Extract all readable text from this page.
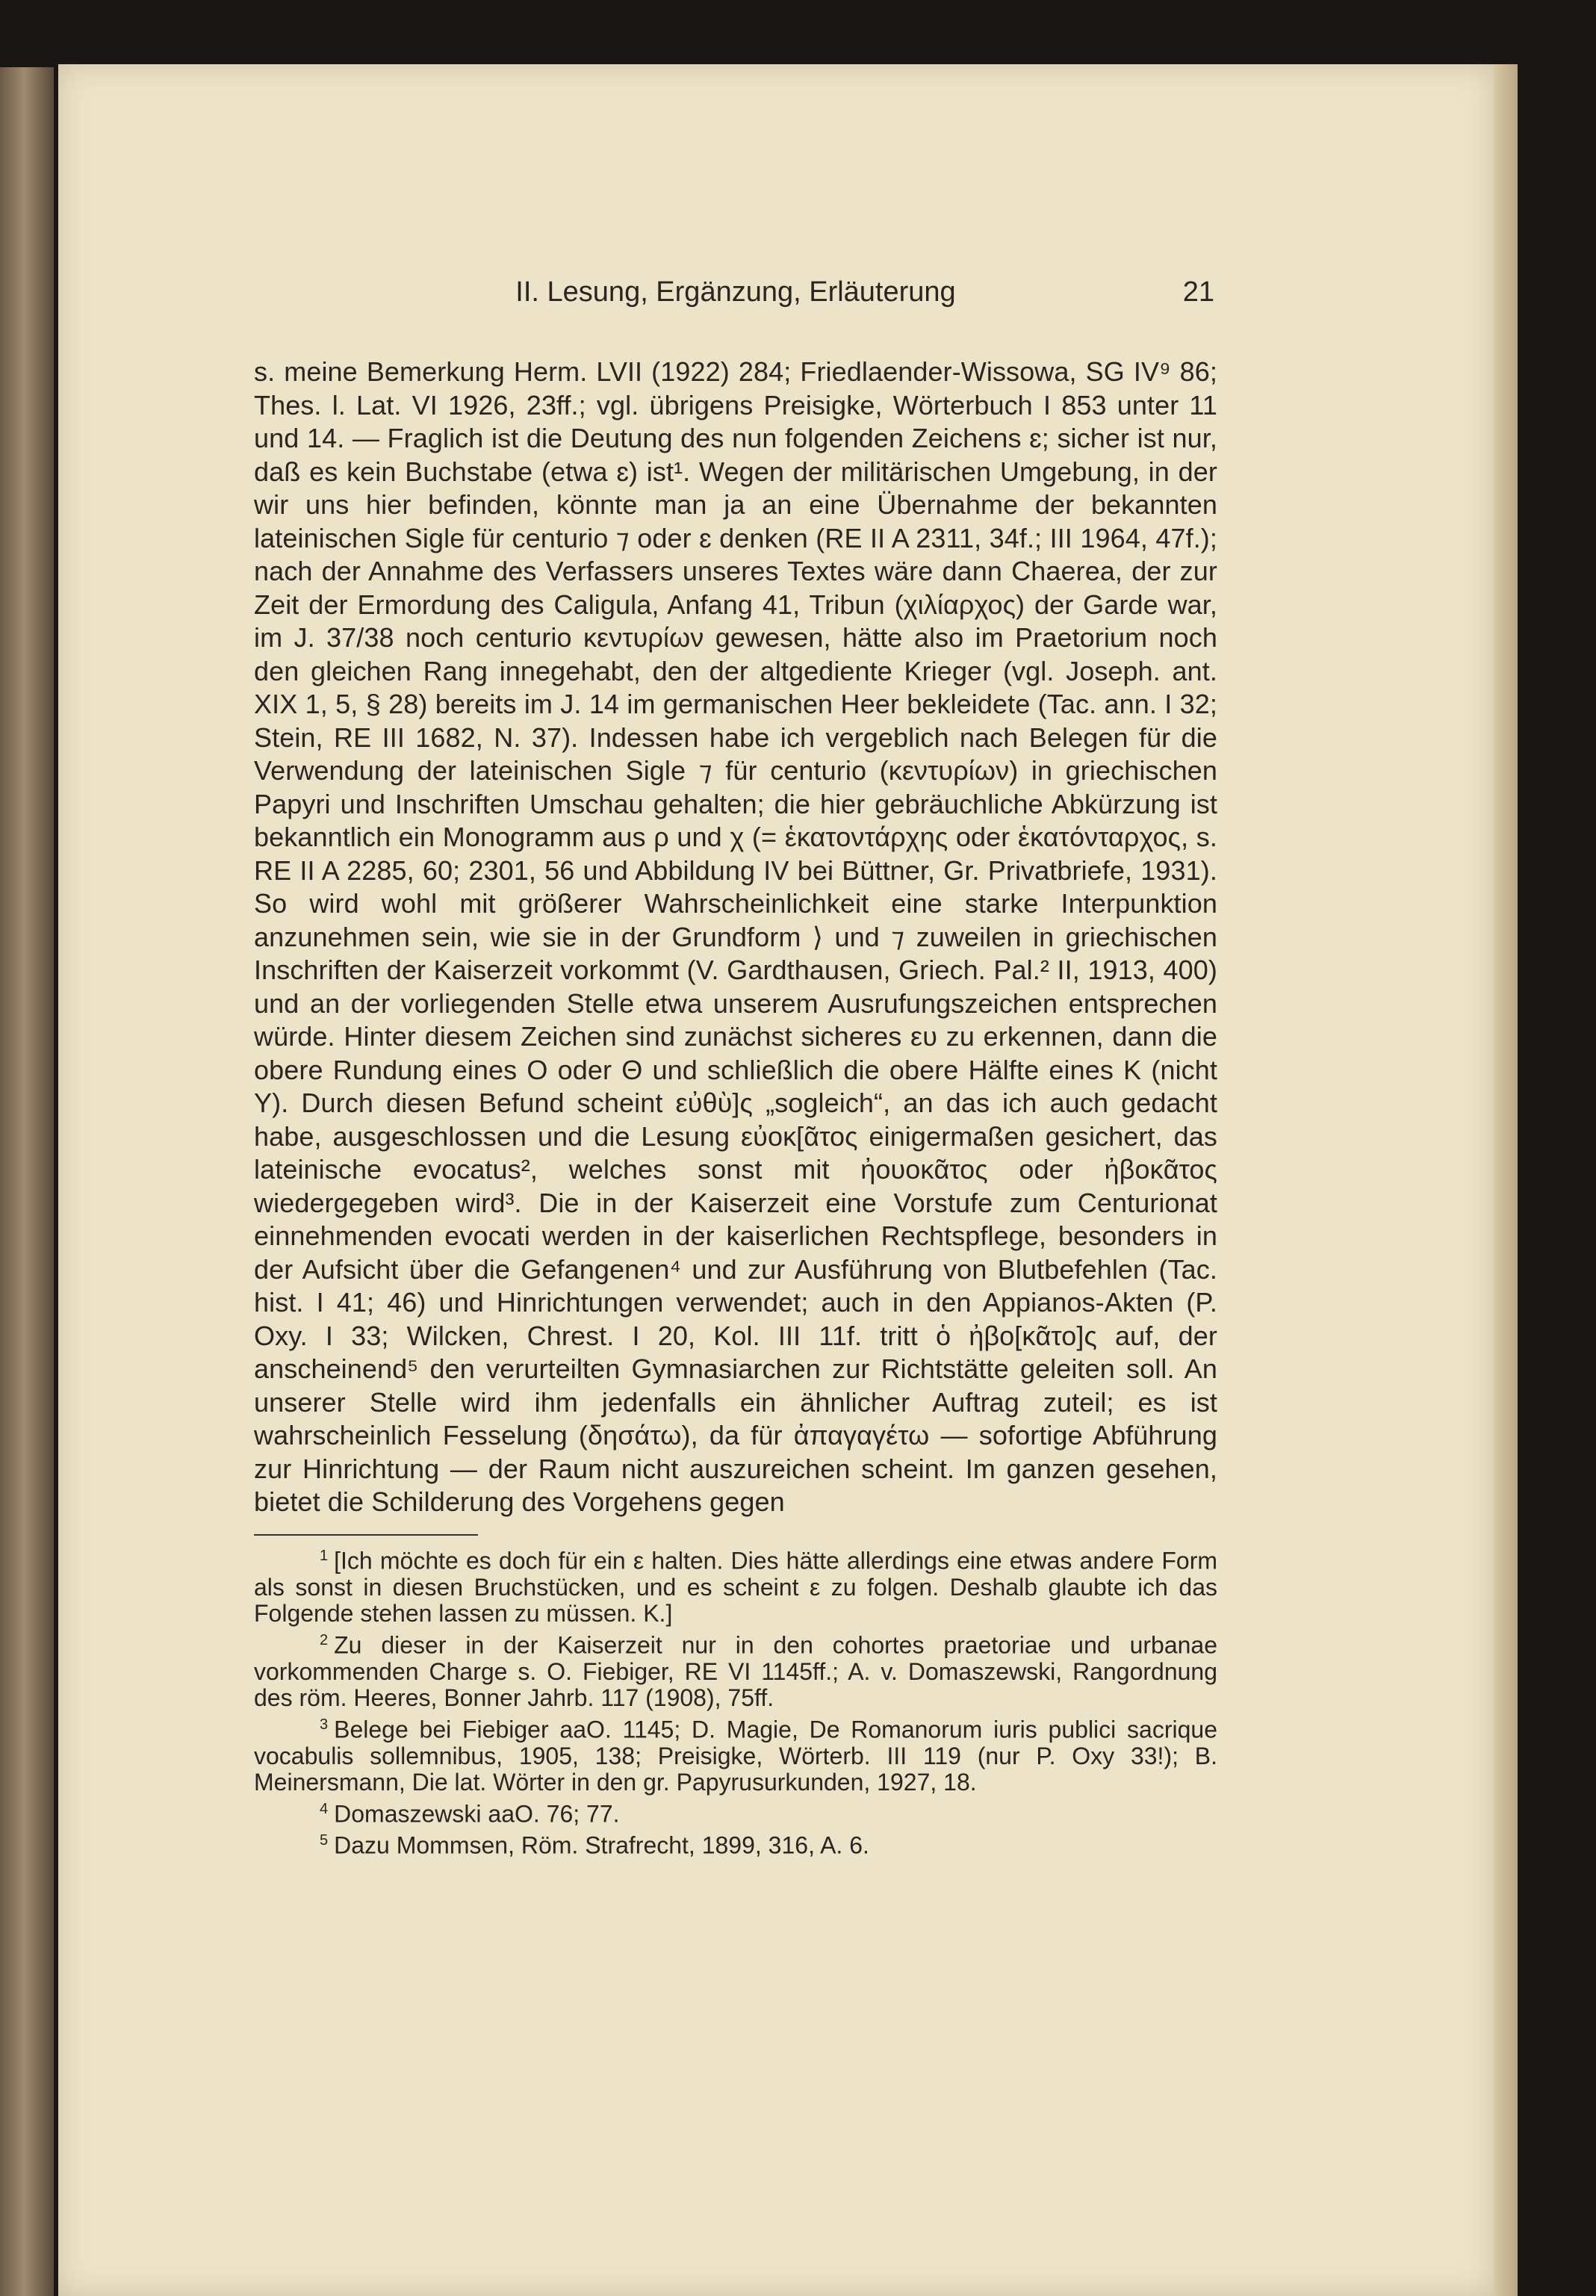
II. Lesung, Ergänzung, Erläuterung	21

s. meine Bemerkung Herm. LVII (1922) 284; Friedlaender-Wissowa, SG IV⁹ 86; Thes. l. Lat. VI 1926, 23ff.; vgl. übrigens Preisigke, Wörterbuch I 853 unter 11 und 14. — Fraglich ist die Deutung des nun folgenden Zeichens ɛ; sicher ist nur, daß es kein Buchstabe (etwa ɛ) ist¹. Wegen der militärischen Umgebung, in der wir uns hier befinden, könnte man ja an eine Übernahme der bekannten lateinischen Sigle für centurio ⁊ oder ɛ denken (RE II A 2311, 34f.; III 1964, 47f.); nach der Annahme des Verfassers unseres Textes wäre dann Chaerea, der zur Zeit der Ermordung des Caligula, Anfang 41, Tribun (χιλίαρχος) der Garde war, im J. 37/38 noch centurio κεντυρίων gewesen, hätte also im Praetorium noch den gleichen Rang innegehabt, den der altgediente Krieger (vgl. Joseph. ant. XIX 1, 5, § 28) bereits im J. 14 im germanischen Heer bekleidete (Tac. ann. I 32; Stein, RE III 1682, N. 37). Indessen habe ich vergeblich nach Belegen für die Verwendung der lateinischen Sigle ⁊ für centurio (κεντυρίων) in griechischen Papyri und Inschriften Umschau gehalten; die hier gebräuchliche Abkürzung ist bekanntlich ein Monogramm aus ρ und χ (= ἑκατοντάρχης oder ἑκατόνταρχος, s. RE II A 2285, 60; 2301, 56 und Abbildung IV bei Büttner, Gr. Privatbriefe, 1931). So wird wohl mit größerer Wahrscheinlichkeit eine starke Interpunktion anzunehmen sein, wie sie in der Grundform ⟩ und ⁊ zuweilen in griechischen Inschriften der Kaiserzeit vorkommt (V. Gardthausen, Griech. Pal.² II, 1913, 400) und an der vorliegenden Stelle etwa unserem Ausrufungszeichen entsprechen würde. Hinter diesem Zeichen sind zunächst sicheres ευ zu erkennen, dann die obere Rundung eines O oder Θ und schließlich die obere Hälfte eines K (nicht Υ). Durch diesen Befund scheint εὐθὺ]ς „sogleich“, an das ich auch gedacht habe, ausgeschlossen und die Lesung εὐοκ[ᾶτος einigermaßen gesichert, das lateinische evocatus², welches sonst mit ἠουοκᾶτος oder ἠβοκᾶτος wiedergegeben wird³. Die in der Kaiserzeit eine Vorstufe zum Centurionat einnehmenden evocati werden in der kaiserlichen Rechtspflege, besonders in der Aufsicht über die Gefangenen⁴ und zur Ausführung von Blutbefehlen (Tac. hist. I 41; 46) und Hinrichtungen verwendet; auch in den Appianos-Akten (P. Oxy. I 33; Wilcken, Chrest. I 20, Kol. III 11f. tritt ὁ ἠβο[κᾶτο]ς auf, der anscheinend⁵ den verurteilten Gymnasiarchen zur Richtstätte geleiten soll. An unserer Stelle wird ihm jedenfalls ein ähnlicher Auftrag zuteil; es ist wahrscheinlich Fesselung (δησάτω), da für ἀπαγαγέτω — sofortige Abführung zur Hinrichtung — der Raum nicht auszureichen scheint. Im ganzen gesehen, bietet die Schilderung des Vorgehens gegen

$^1$ [Ich möchte es doch für ein ε halten. Dies hätte allerdings eine etwas andere Form als sonst in diesen Bruchstücken, und es scheint ε zu folgen. Deshalb glaubte ich das Folgende stehen lassen zu müssen. K.]

$^2$ Zu dieser in der Kaiserzeit nur in den cohortes praetoriae und urbanae vorkommenden Charge s. O. Fiebiger, RE VI 1145ff.; A. v. Domaszewski, Rangordnung des röm. Heeres, Bonner Jahrb. 117 (1908), 75ff.

$^3$ Belege bei Fiebiger aaO. 1145; D. Magie, De Romanorum iuris publici sacrique vocabulis sollemnibus, 1905, 138; Preisigke, Wörterb. III 119 (nur P. Oxy 33!); B. Meinersmann, Die lat. Wörter in den gr. Papyrusurkunden, 1927, 18.

$^4$ Domaszewski aaO. 76; 77.

$^5$ Dazu Mommsen, Röm. Strafrecht, 1899, 316, A. 6.
